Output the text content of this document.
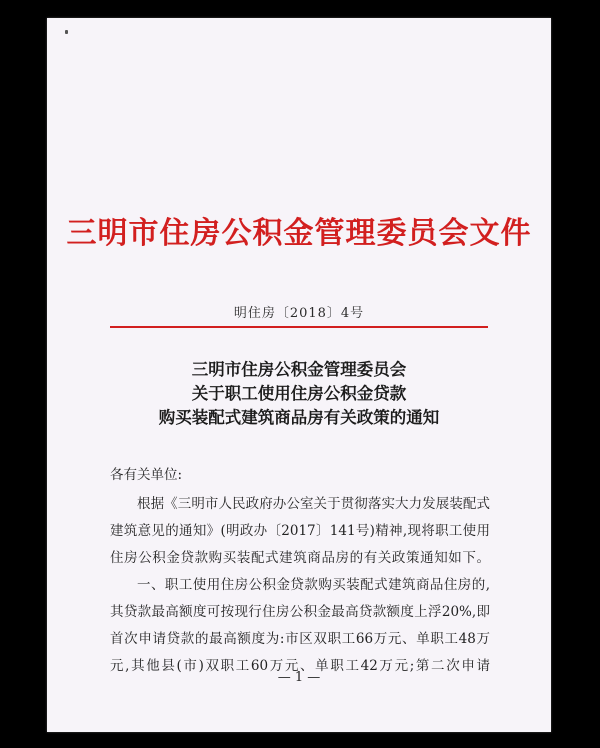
三明市住房公积金管理委员会文件
明住房〔2018〕4号
三明市住房公积金管理委员会
关于职工使用住房公积金贷款
购买装配式建筑商品房有关政策的通知
各有关单位:
根据《三明市人民政府办公室关于贯彻落实大力发展装配式
建筑意见的通知》(明政办〔2017〕141号)精神,现将职工使用
住房公积金贷款购买装配式建筑商品房的有关政策通知如下。
一、职工使用住房公积金贷款购买装配式建筑商品住房的,
其贷款最高额度可按现行住房公积金最高贷款额度上浮20%,即
首次申请贷款的最高额度为:市区双职工66万元、单职工48万
元,其他县(市)双职工60万元、单职工42万元;第二次申请
— 1 —
